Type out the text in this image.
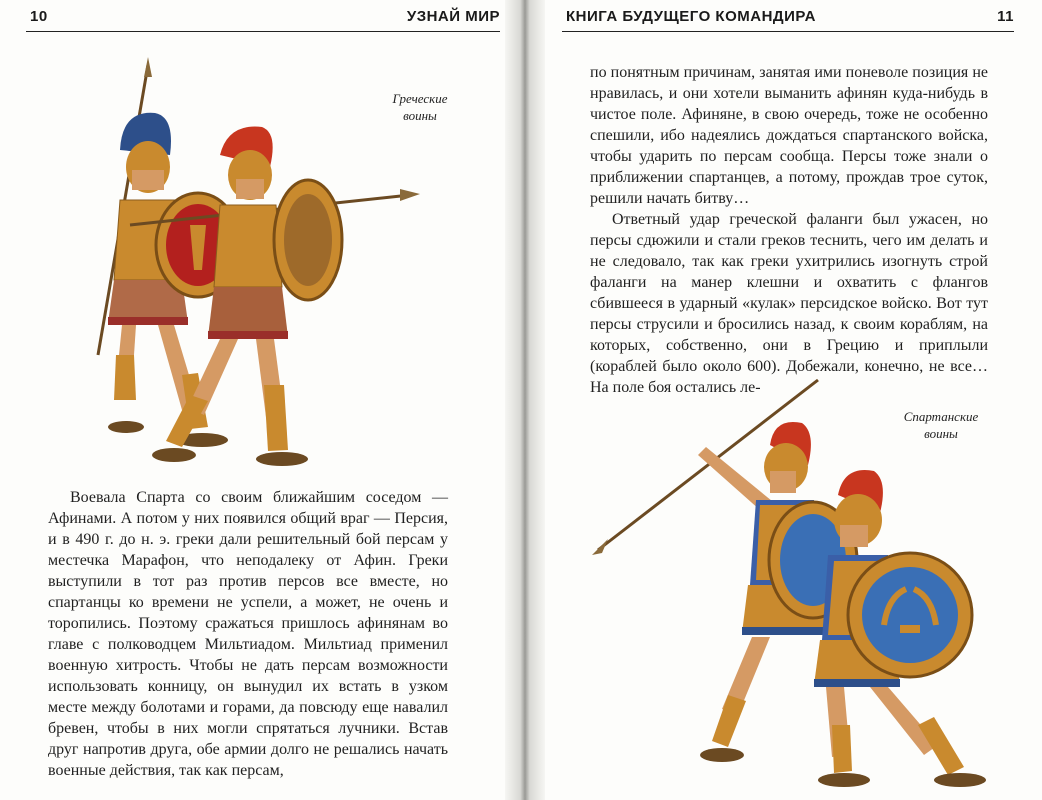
10	УЗНАЙ МИР
Греческие
воины

Воевала Спарта со своим ближайшим соседом — Афинами. А потом у них появился общий враг — Персия, и в 490 г. до н. э. греки дали решительный бой персам у местечка Марафон, что неподалеку от Афин. Греки выступили в тот раз против персов все вместе, но спартанцы ко времени не успели, а может, не очень и торопились. Поэтому сражаться пришлось афинянам во главе с полководцем Мильтиадом. Мильтиад применил военную хитрость. Чтобы не дать персам возможности использовать конницу, он вынудил их встать в узком месте между болотами и горами, да повсюду еще навалил бревен, чтобы в них могли спрятаться лучники. Встав друг напротив друга, обе армии долго не решались начать военные действия, так как персам,

КНИГА БУДУЩЕГО КОМАНДИРА	11

по понятным причинам, занятая ими поневоле позиция не нравилась, и они хотели выманить афинян куда-нибудь в чистое поле. Афиняне, в свою очередь, тоже не особенно спешили, ибо надеялись дождаться спартанского войска, чтобы ударить по персам сообща. Персы тоже знали о приближении спартанцев, а потому, прождав трое суток, решили начать битву…

Ответный удар греческой фаланги был ужасен, но персы сдюжили и стали греков теснить, чего им делать и не следовало, так как греки ухитрились изогнуть строй фаланги на манер клешни и охватить с флангов сбившееся в ударный «кулак» персидское войско. Вот тут персы струсили и бросились назад, к своим кораблям, на которых, собственно, они в Грецию и приплыли (кораблей было около 600). Добежали, конечно, не все… На поле боя остались ле-

Спартанские
воины
